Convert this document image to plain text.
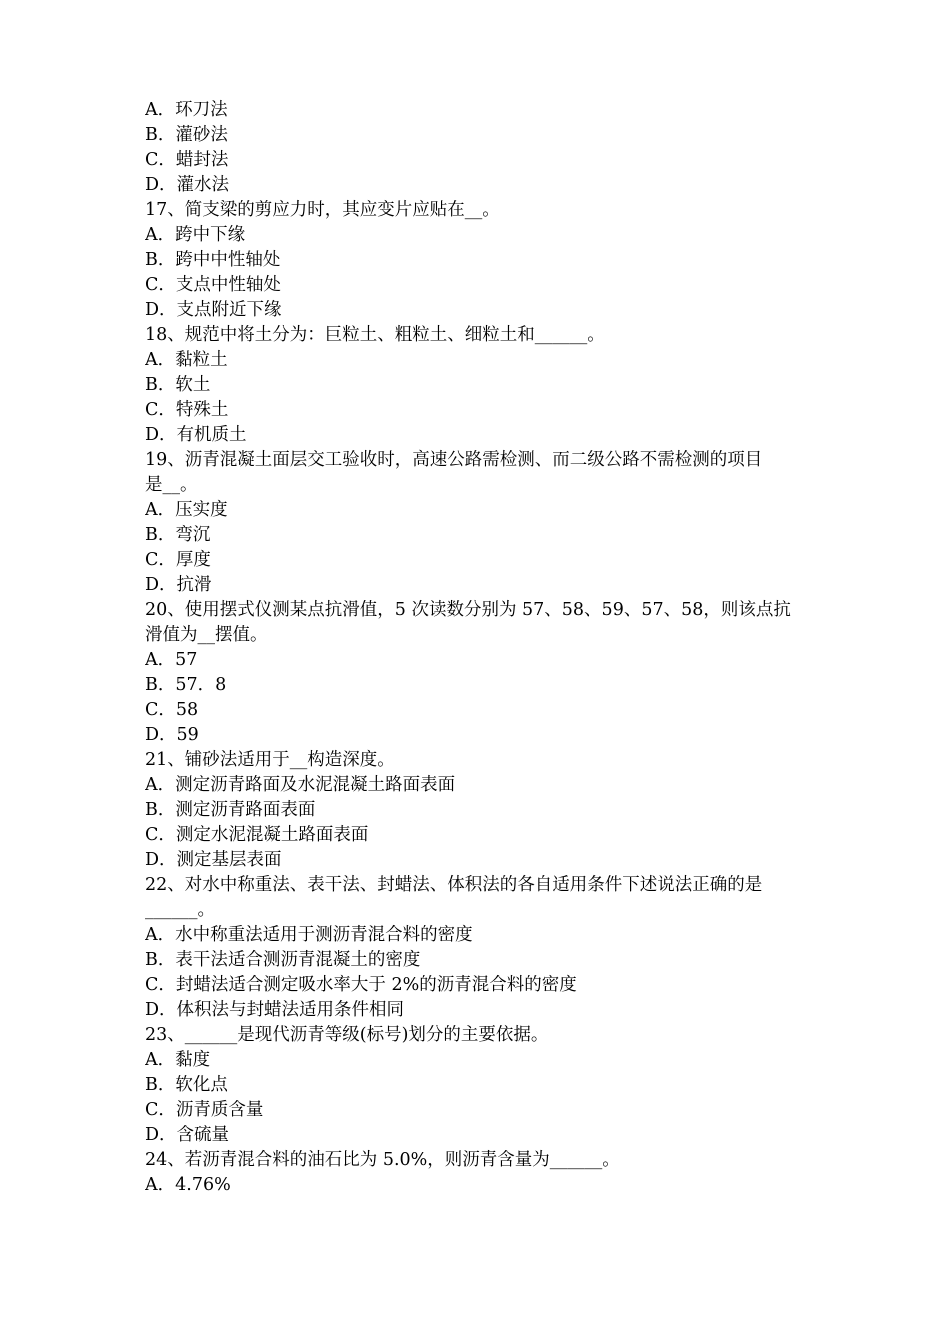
A．环刀法
B．灌砂法
C．蜡封法
D．灌水法
17、简支梁的剪应力时，其应变片应贴在__。
A．跨中下缘
B．跨中中性轴处
C．支点中性轴处
D．支点附近下缘
18、规范中将土分为：巨粒土、粗粒土、细粒土和______。
A．黏粒土
B．软土
C．特殊土
D．有机质土
19、沥青混凝土面层交工验收时，高速公路需检测、而二级公路不需检测的项目
是__。
A．压实度
B．弯沉
C．厚度
D．抗滑
20、使用摆式仪测某点抗滑值，5 次读数分别为 57、58、59、57、58，则该点抗
滑值为__摆值。
A．57
B．57．8
C．58
D．59
21、铺砂法适用于__构造深度。
A．测定沥青路面及水泥混凝土路面表面
B．测定沥青路面表面
C．测定水泥混凝土路面表面
D．测定基层表面
22、对水中称重法、表干法、封蜡法、体积法的各自适用条件下述说法正确的是
______。
A．水中称重法适用于测沥青混合料的密度
B．表干法适合测沥青混凝土的密度
C．封蜡法适合测定吸水率大于 2%的沥青混合料的密度
D．体积法与封蜡法适用条件相同
23、______是现代沥青等级(标号)划分的主要依据。
A．黏度
B．软化点
C．沥青质含量
D．含硫量
24、若沥青混合料的油石比为 5.0%，则沥青含量为______。
A．4.76%
